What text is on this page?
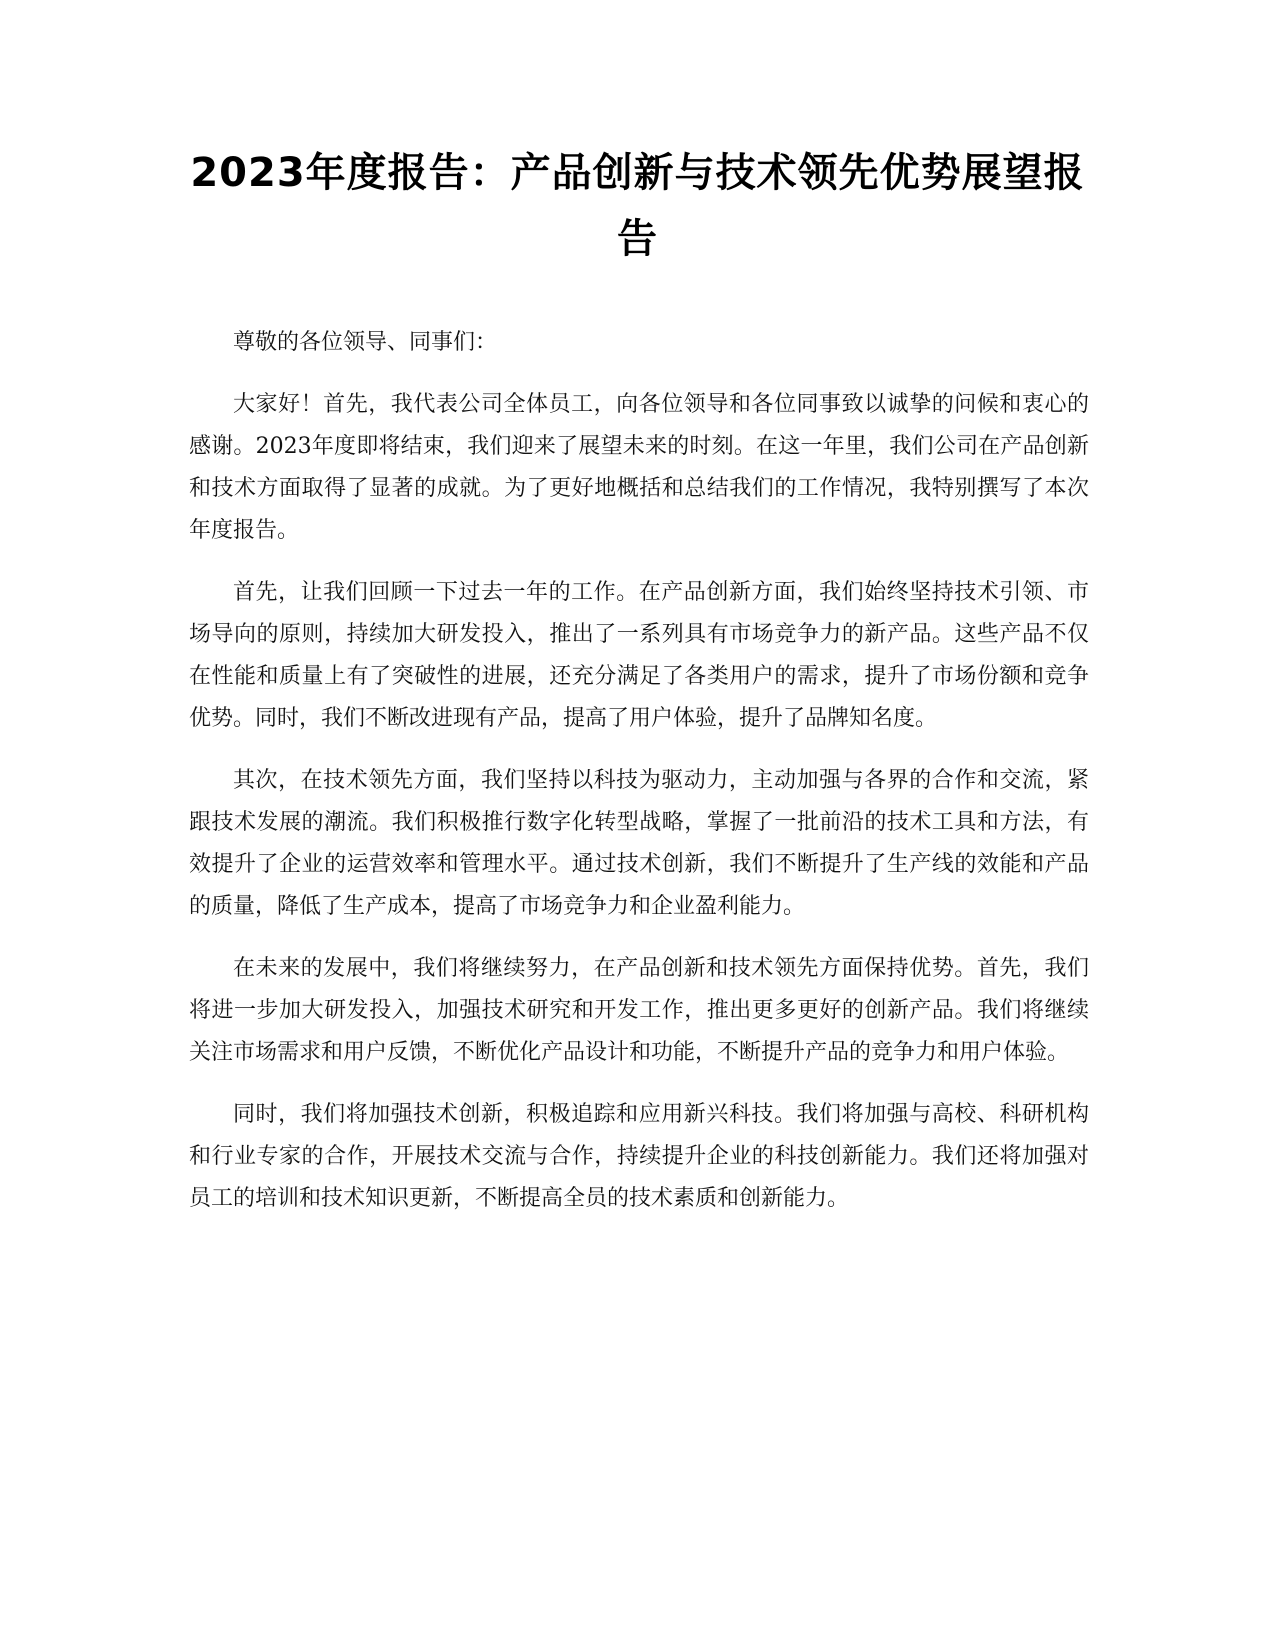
2023年度报告：产品创新与技术领先优势展望报告

尊敬的各位领导、同事们：

大家好！首先，我代表公司全体员工，向各位领导和各位同事致以诚挚的问候和衷心的感谢。2023年度即将结束，我们迎来了展望未来的时刻。在这一年里，我们公司在产品创新和技术方面取得了显著的成就。为了更好地概括和总结我们的工作情况，我特别撰写了本次年度报告。

首先，让我们回顾一下过去一年的工作。在产品创新方面，我们始终坚持技术引领、市场导向的原则，持续加大研发投入，推出了一系列具有市场竞争力的新产品。这些产品不仅在性能和质量上有了突破性的进展，还充分满足了各类用户的需求，提升了市场份额和竞争优势。同时，我们不断改进现有产品，提高了用户体验，提升了品牌知名度。

其次，在技术领先方面，我们坚持以科技为驱动力，主动加强与各界的合作和交流，紧跟技术发展的潮流。我们积极推行数字化转型战略，掌握了一批前沿的技术工具和方法，有效提升了企业的运营效率和管理水平。通过技术创新，我们不断提升了生产线的效能和产品的质量，降低了生产成本，提高了市场竞争力和企业盈利能力。

在未来的发展中，我们将继续努力，在产品创新和技术领先方面保持优势。首先，我们将进一步加大研发投入，加强技术研究和开发工作，推出更多更好的创新产品。我们将继续关注市场需求和用户反馈，不断优化产品设计和功能，不断提升产品的竞争力和用户体验。

同时，我们将加强技术创新，积极追踪和应用新兴科技。我们将加强与高校、科研机构和行业专家的合作，开展技术交流与合作，持续提升企业的科技创新能力。我们还将加强对员工的培训和技术知识更新，不断提高全员的技术素质和创新能力。
